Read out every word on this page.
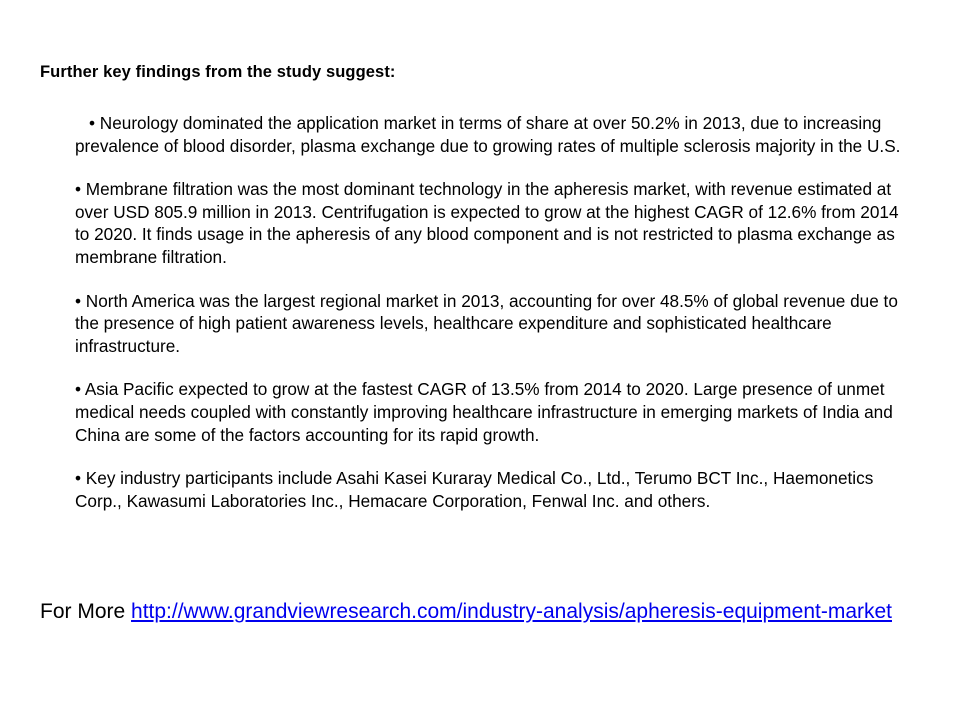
Further key findings from the study suggest:

• Neurology dominated the application market in terms of share at over 50.2% in 2013, due to increasing prevalence of blood disorder, plasma exchange due to growing rates of multiple sclerosis majority in the U.S.

• Membrane filtration was the most dominant technology in the apheresis market, with revenue estimated at over USD 805.9 million in 2013. Centrifugation is expected to grow at the highest CAGR of 12.6% from 2014 to 2020. It finds usage in the apheresis of any blood component and is not restricted to plasma exchange as membrane filtration.

• North America was the largest regional market in 2013, accounting for over 48.5% of global revenue due to the presence of high patient awareness levels, healthcare expenditure and sophisticated healthcare infrastructure.

• Asia Pacific expected to grow at the fastest CAGR of 13.5% from 2014 to 2020. Large presence of unmet medical needs coupled with constantly improving healthcare infrastructure in emerging markets of India and China are some of the factors accounting for its rapid growth.

• Key industry participants include Asahi Kasei Kuraray Medical Co., Ltd., Terumo BCT Inc., Haemonetics Corp., Kawasumi Laboratories Inc., Hemacare Corporation, Fenwal Inc. and others.

For More http://www.grandviewresearch.com/industry-analysis/apheresis-equipment-market
